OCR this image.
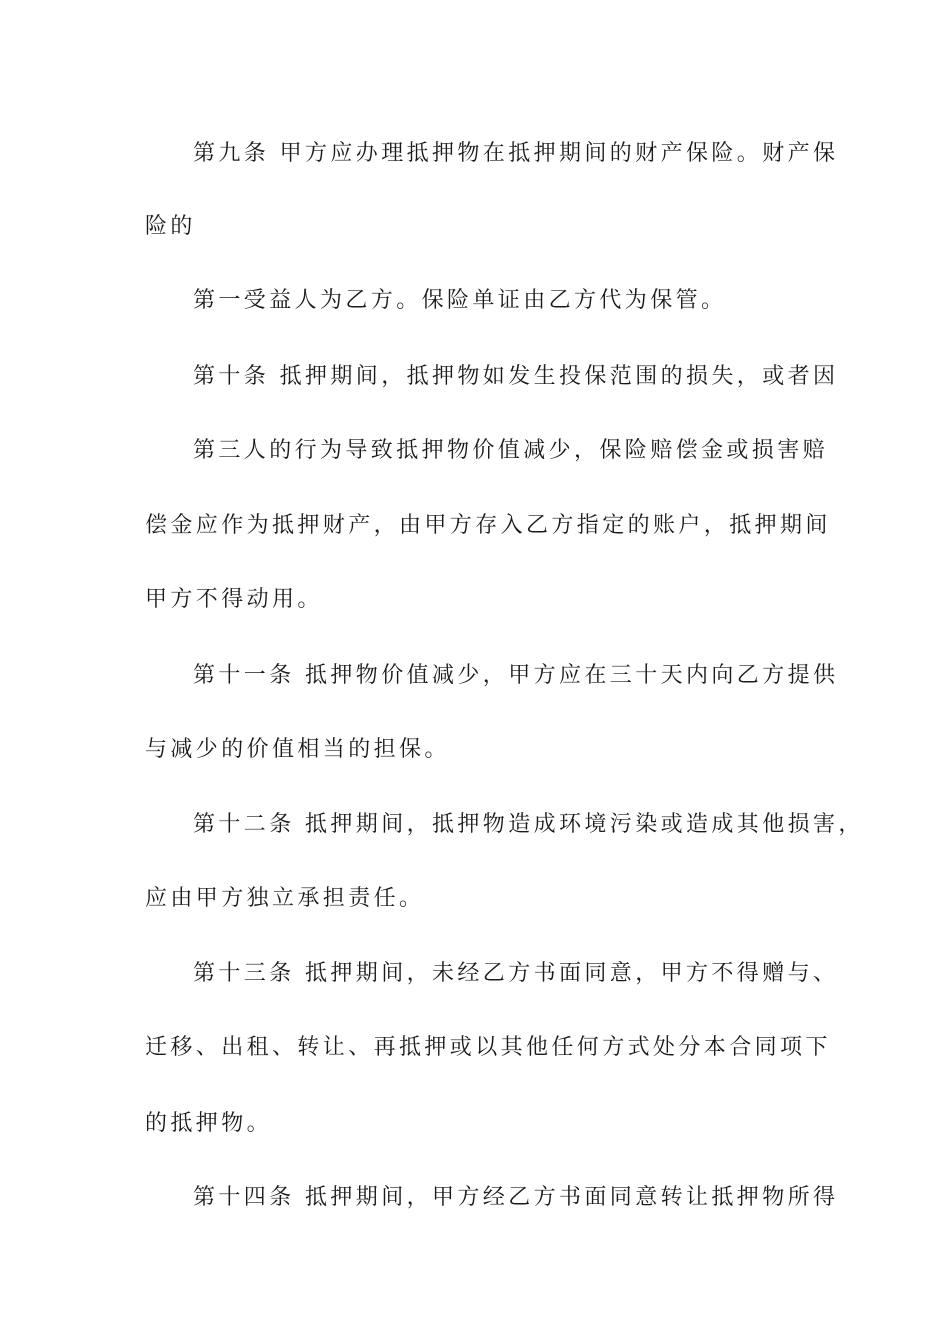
第九条 甲方应办理抵押物在抵押期间的财产保险。财产保
险的
第一受益人为乙方。保险单证由乙方代为保管。
第十条 抵押期间，抵押物如发生投保范围的损失，或者因
第三人的行为导致抵押物价值减少，保险赔偿金或损害赔
偿金应作为抵押财产，由甲方存入乙方指定的账户，抵押期间
甲方不得动用。
第十一条 抵押物价值减少，甲方应在三十天内向乙方提供
与减少的价值相当的担保。
第十二条 抵押期间，抵押物造成环境污染或造成其他损害，
应由甲方独立承担责任。
第十三条 抵押期间，未经乙方书面同意，甲方不得赠与、
迁移、出租、转让、再抵押或以其他任何方式处分本合同项下
的抵押物。
第十四条 抵押期间，甲方经乙方书面同意转让抵押物所得
